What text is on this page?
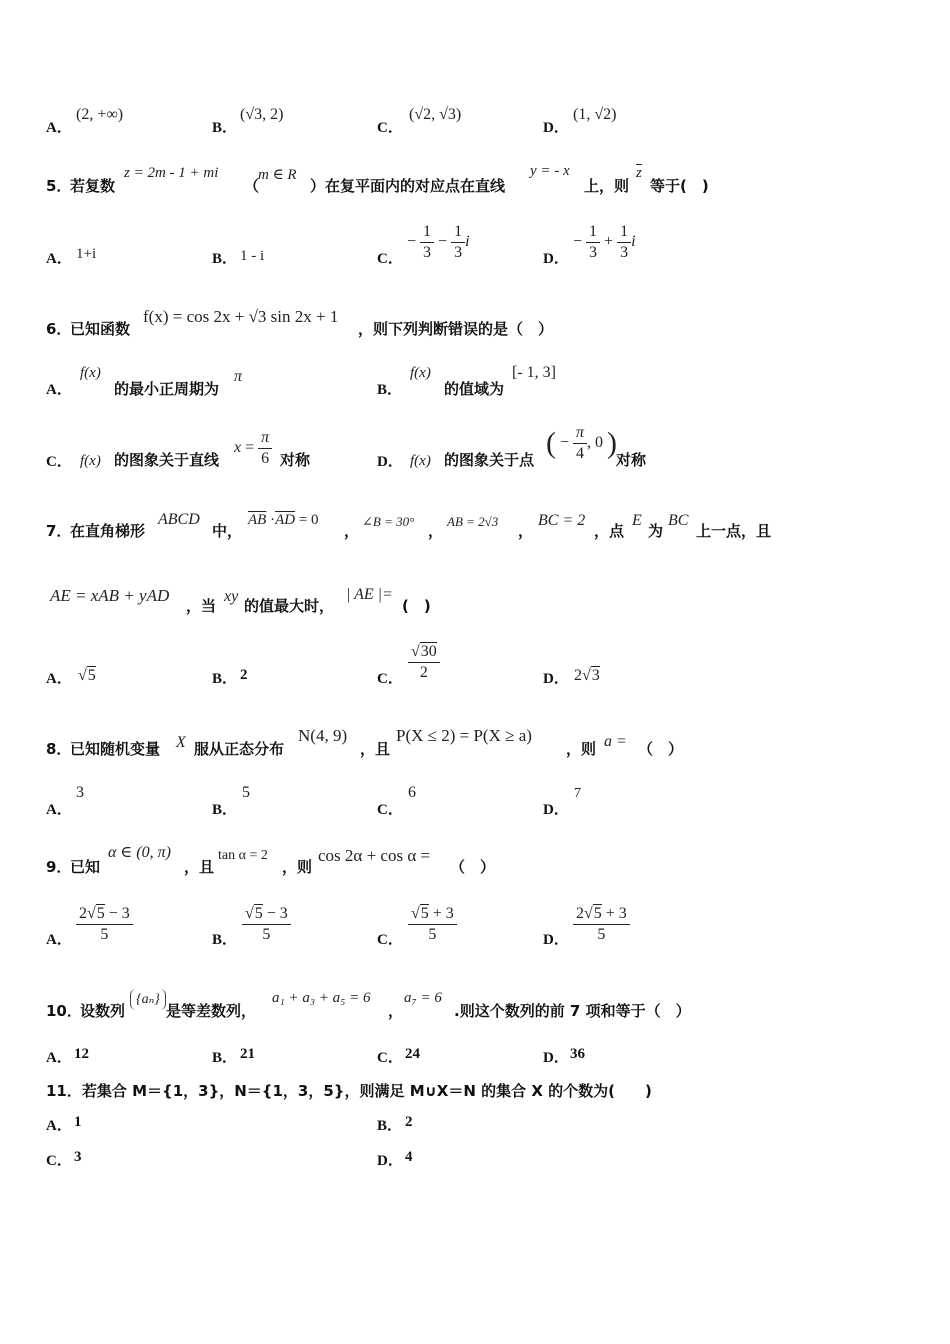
A．
(2, +∞)
B．
(√3, 2)
C．
(√2, √3)
D．
(1, √2)
5．
若复数
z = 2m - 1 + mi
（
m ∈ R
）在复平面内的对应点在直线
y = - x
上，则
$\overline{z}$
等于(　)
A． 1+i	B． 1 - i	C．
− $\frac{1}{3} - \frac{1}{3}$ i
D．
− $\frac{1}{3} + \frac{1}{3}$ i
6．
已知函数
f(x) = cos 2x + √3 sin 2x + 1
，则下列判断错误的是（　）
A．
f(x)
的最小正周期为
π
B．
f(x)
的值域为
[- 1, 3]
C． f(x) 的图象关于直线
$x = \frac{\pi}{6}$ 对称	D． f(x) 的图象关于点
( − $\frac{\pi}{4}$ , 0 )
对称
7．
在直角梯形
ABCD
中，
$\overline{AB} \cdot\overline{AD} = 0$
，
∠B = 30°
，
AB = 2√3
，
BC = 2
，点
E
为
BC
上一点，且
AE = xAB + yAD
，当
xy
的值最大时，
| AE |=
(　)
A． √5	B． 2	C． $\frac{√30}{2}$	D． 2√3
8．
已知随机变量 X 服从正态分布
N(4, 9)
，且
P(X ≤ 2) = P(X ≥ a)
，则 a = （　）
A．
3
B．
5
C．
6
D．
7
9．
已知
α ∈ (0, π)
，且
tan α = 2
，则
cos 2α + cos α =
（　）
A． $\frac{2√5 - 3}{5}$	B． $\frac{√5 - 3}{5}$	C． $\frac{√5 + 3}{5}$	D． $\frac{2√5 + 3}{5}$
10．
设数列
{aₙ}
是等差数列，
a₁ + a₃ + a₅ = 6
，
a₇ = 6
.则这个数列的前 7 项和等于（　）
A． 12	B． 21	C． 24	D． 36
11．若集合 M＝{1，3}，N＝{1，3，5}，则满足 M∪X＝N 的集合 X 的个数为(　　)
A． 1	B． 2
C． 3	D． 4
